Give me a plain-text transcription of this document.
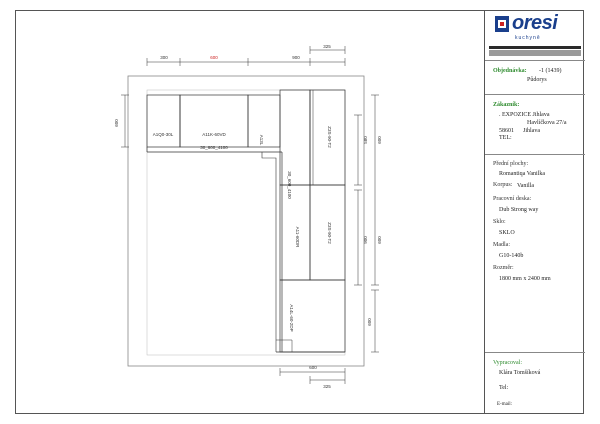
300	600	900
325
600
600
600
600
580
900
600
325
A1Q0-30L	A11K-60VD
A13L
30_600_4100
30_600_4100
Z3S-90-T2
Z3S-90-T2
A11-60DR
A14L-60-2DP
oresi
kuchyně
Objednávka: -1 (1439)
Půdorys
Zákazník:
. EXPOZICE Jihlava
Havlíčkova 27/a
58601 Jihlava
TEL:
Přední plochy:
Romantiqa Vanilka
Korpus: Vanilla
Pracovní deska:
Dub Strong way
Sklo:
SKLO
Madla:
G10-140b
Rozměr:
1800 mm x 2400 mm
Vypracoval:
Klára Tomšíková
Tel:
E-mail:
